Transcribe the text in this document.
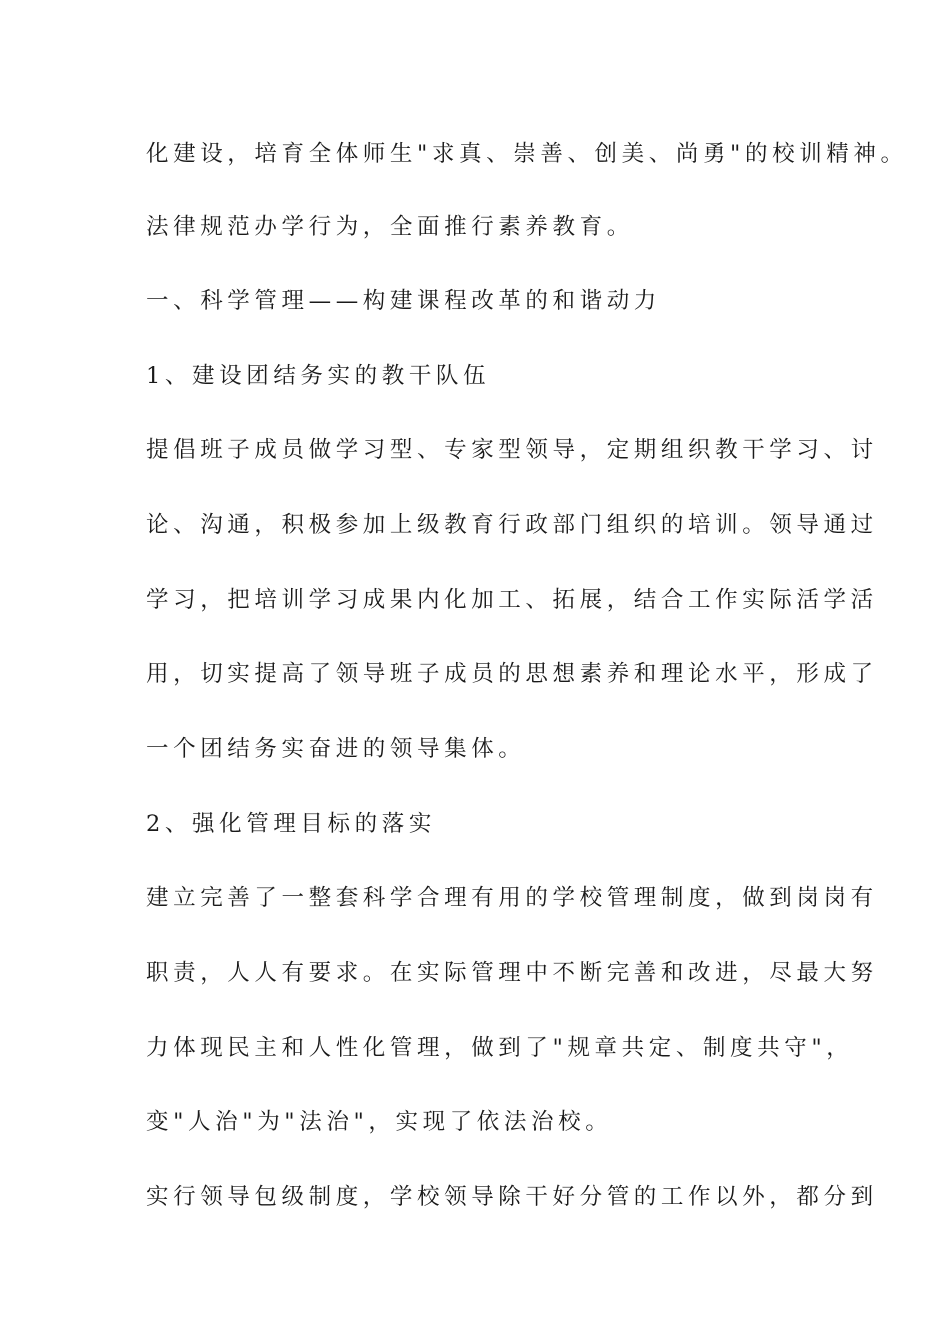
化建设，培育全体师生"求真、崇善、创美、尚勇"的校训精神。
法律规范办学行为，全面推行素养教育。
一、科学管理——构建课程改革的和谐动力
1、建设团结务实的教干队伍
提倡班子成员做学习型、专家型领导，定期组织教干学习、讨
论、沟通，积极参加上级教育行政部门组织的培训。领导通过
学习，把培训学习成果内化加工、拓展，结合工作实际活学活
用，切实提高了领导班子成员的思想素养和理论水平，形成了
一个团结务实奋进的领导集体。
2、强化管理目标的落实
建立完善了一整套科学合理有用的学校管理制度，做到岗岗有
职责，人人有要求。在实际管理中不断完善和改进，尽最大努
力体现民主和人性化管理，做到了"规章共定、制度共守"，
变"人治"为"法治"，实现了依法治校。
实行领导包级制度，学校领导除干好分管的工作以外，都分到
